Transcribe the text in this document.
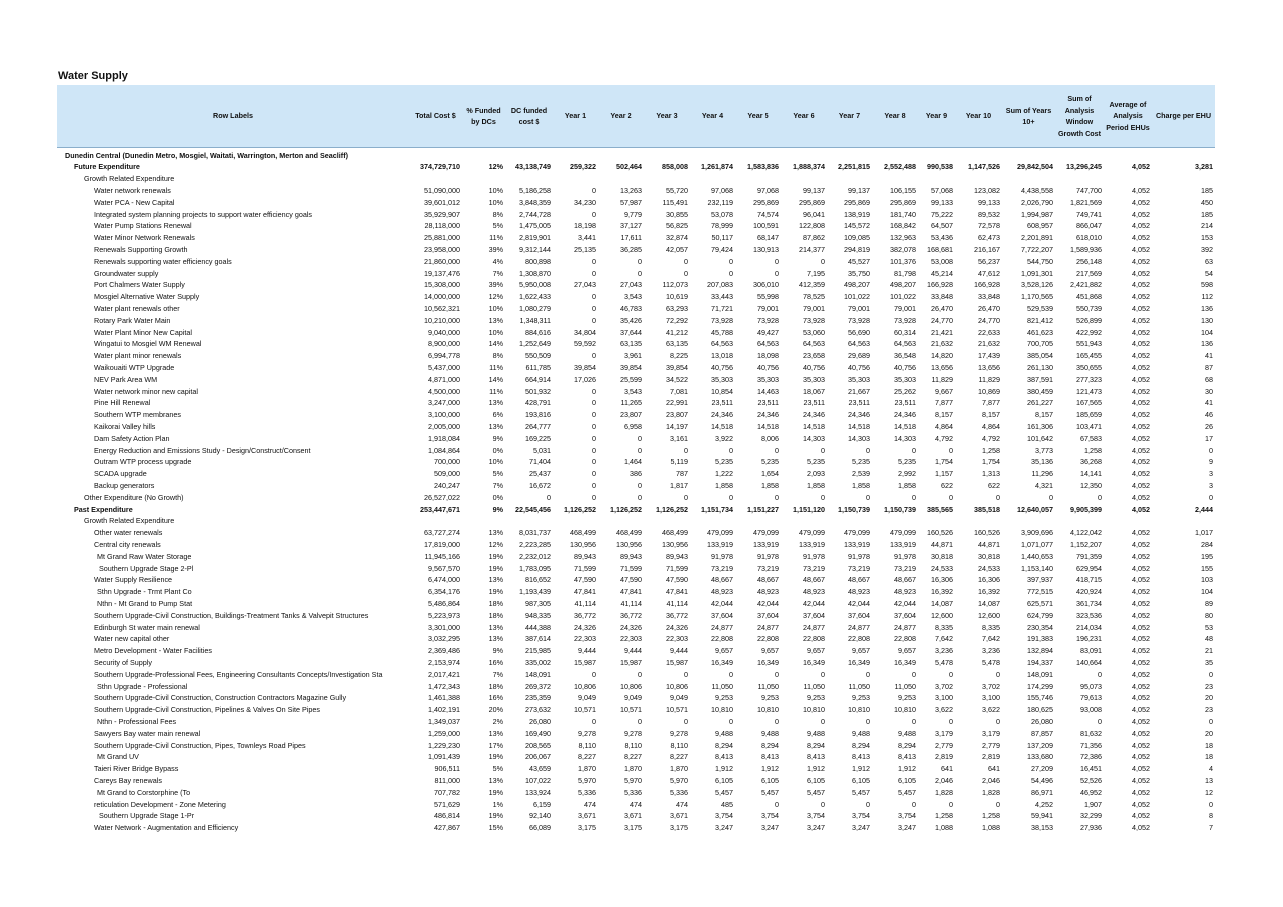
Water Supply
Row Labels	Total Cost $	% Funded by DCs	DC funded cost $	Year 1	Year 2	Year 3	Year 4	Year 5	Year 6	Year 7	Year 8	Year 9	Year 10	Sum of Years 10+	Sum of Analysis Window Growth Cost	Average of Analysis Period EHUs	Charge per EHU
Dunedin Central (Dunedin Metro, Mosgiel, Waitati, Warrington, Merton and Seacliff)																	
Future Expenditure	374,729,710	12%	43,138,749	259,322	502,464	858,008	1,261,874	1,583,836	1,888,374	2,251,815	2,552,488	990,538	1,147,526	29,842,504	13,296,245	4,052	3,281
Growth Related Expenditure																	
Water network renewals	51,090,000	10%	5,186,258	0	13,263	55,720	97,068	97,068	99,137	99,137	106,155	57,068	123,082	4,438,558	747,700	4,052	185
Water PCA - New Capital	39,601,012	10%	3,848,359	34,230	57,987	115,491	232,119	295,869	295,869	295,869	295,869	99,133	99,133	2,026,790	1,821,569	4,052	450
Integrated system planning projects to support water efficiency goals	35,929,907	8%	2,744,728	0	9,779	30,855	53,078	74,574	96,041	138,919	181,740	75,222	89,532	1,994,987	749,741	4,052	185
Water Pump Stations Renewal	28,118,000	5%	1,475,005	18,198	37,127	56,825	78,999	100,591	122,808	145,572	168,842	64,507	72,578	608,957	866,047	4,052	214
Water Minor Network Renewals	25,881,000	11%	2,819,901	3,441	17,611	32,874	50,117	68,147	87,862	109,085	132,963	53,436	62,473	2,201,891	618,010	4,052	153
Renewals Supporting Growth	23,958,000	39%	9,312,144	25,135	36,285	42,057	79,424	130,913	214,377	294,819	382,078	168,681	216,167	7,722,207	1,589,936	4,052	392
Renewals supporting water efficiency goals	21,860,000	4%	800,898	0	0	0	0	0	0	45,527	101,376	53,008	56,237	544,750	256,148	4,052	63
Groundwater supply	19,137,476	7%	1,308,870	0	0	0	0	0	7,195	35,750	81,798	45,214	47,612	1,091,301	217,569	4,052	54
Port Chalmers Water Supply	15,308,000	39%	5,950,008	27,043	27,043	112,073	207,083	306,010	412,359	498,207	498,207	166,928	166,928	3,528,126	2,421,882	4,052	598
Mosgiel Alternative Water Supply	14,000,000	12%	1,622,433	0	3,543	10,619	33,443	55,998	78,525	101,022	101,022	33,848	33,848	1,170,565	451,868	4,052	112
Water plant renewals other	10,562,321	10%	1,080,279	0	46,783	63,293	71,721	79,001	79,001	79,001	79,001	26,470	26,470	529,539	550,739	4,052	136
Rotary Park Water Main	10,210,000	13%	1,348,311	0	35,426	72,292	73,928	73,928	73,928	73,928	73,928	24,770	24,770	821,412	526,899	4,052	130
Water Plant Minor New Capital	9,040,000	10%	884,616	34,804	37,644	41,212	45,788	49,427	53,060	56,690	60,314	21,421	22,633	461,623	422,992	4,052	104
Wingatui to Mosgiel WM Renewal	8,900,000	14%	1,252,649	59,592	63,135	63,135	64,563	64,563	64,563	64,563	64,563	21,632	21,632	700,705	551,943	4,052	136
Water plant minor renewals	6,994,778	8%	550,509	0	3,961	8,225	13,018	18,098	23,658	29,689	36,548	14,820	17,439	385,054	165,455	4,052	41
Waikouaiti WTP Upgrade	5,437,000	11%	611,785	39,854	39,854	39,854	40,756	40,756	40,756	40,756	40,756	13,656	13,656	261,130	350,655	4,052	87
NEV Park Area WM	4,871,000	14%	664,914	17,026	25,599	34,522	35,303	35,303	35,303	35,303	35,303	11,829	11,829	387,591	277,323	4,052	68
Water network minor new capital	4,500,000	11%	501,932	0	3,543	7,081	10,854	14,463	18,067	21,667	25,262	9,667	10,869	380,459	121,473	4,052	30
Pine Hill Renewal	3,247,000	13%	428,791	0	11,265	22,991	23,511	23,511	23,511	23,511	23,511	7,877	7,877	261,227	167,565	4,052	41
Southern WTP membranes	3,100,000	6%	193,816	0	23,807	23,807	24,346	24,346	24,346	24,346	24,346	8,157	8,157	8,157	185,659	4,052	46
Kaikorai Valley hills	2,005,000	13%	264,777	0	6,958	14,197	14,518	14,518	14,518	14,518	14,518	4,864	4,864	161,306	103,471	4,052	26
Dam Safety Action Plan	1,918,084	9%	169,225	0	0	3,161	3,922	8,006	14,303	14,303	14,303	4,792	4,792	101,642	67,583	4,052	17
Energy Reduction and Emissions Study - Design/Construct/Consent	1,084,864	0%	5,031	0	0	0	0	0	0	0	0	0	1,258	3,773	1,258	4,052	0
Outram WTP process upgrade	700,000	10%	71,404	0	1,464	5,119	5,235	5,235	5,235	5,235	5,235	1,754	1,754	35,136	36,268	4,052	9
SCADA upgrade	509,000	5%	25,437	0	386	787	1,222	1,654	2,093	2,539	2,992	1,157	1,313	11,296	14,141	4,052	3
Backup generators	240,247	7%	16,672	0	0	1,817	1,858	1,858	1,858	1,858	1,858	622	622	4,321	12,350	4,052	3
Other Expenditure (No Growth)	26,527,022	0%	0	0	0	0	0	0	0	0	0	0	0	0	0	4,052	0
Past Expenditure	253,447,671	9%	22,545,456	1,126,252	1,126,252	1,126,252	1,151,734	1,151,227	1,151,120	1,150,739	1,150,739	385,565	385,518	12,640,057	9,905,399	4,052	2,444
Growth Related Expenditure																	
Other water renewals	63,727,274	13%	8,031,737	468,499	468,499	468,499	479,099	479,099	479,099	479,099	479,099	160,526	160,526	3,909,696	4,122,042	4,052	1,017
Central city renewals	17,819,000	12%	2,223,285	130,956	130,956	130,956	133,919	133,919	133,919	133,919	133,919	44,871	44,871	1,071,077	1,152,207	4,052	284
Mt Grand Raw Water Storage	11,945,166	19%	2,232,012	89,943	89,943	89,943	91,978	91,978	91,978	91,978	91,978	30,818	30,818	1,440,653	791,359	4,052	195
Southern Upgrade Stage 2-Pl	9,567,570	19%	1,783,095	71,599	71,599	71,599	73,219	73,219	73,219	73,219	73,219	24,533	24,533	1,153,140	629,954	4,052	155
Water Supply Resilience	6,474,000	13%	816,652	47,590	47,590	47,590	48,667	48,667	48,667	48,667	48,667	16,306	16,306	397,937	418,715	4,052	103
Sthn Upgrade - Trmt Plant Co	6,354,176	19%	1,193,439	47,841	47,841	47,841	48,923	48,923	48,923	48,923	48,923	16,392	16,392	772,515	420,924	4,052	104
Nthn - Mt Grand to Pump Stat	5,486,864	18%	987,305	41,114	41,114	41,114	42,044	42,044	42,044	42,044	42,044	14,087	14,087	625,571	361,734	4,052	89
Southern Upgrade-Civil Construction, Buildings-Treatment Tanks & Valvepit Structures	5,223,973	18%	948,335	36,772	36,772	36,772	37,604	37,604	37,604	37,604	37,604	12,600	12,600	624,799	323,536	4,052	80
Edinburgh St water main renewal	3,301,000	13%	444,388	24,326	24,326	24,326	24,877	24,877	24,877	24,877	24,877	8,335	8,335	230,354	214,034	4,052	53
Water new capital other	3,032,295	13%	387,614	22,303	22,303	22,303	22,808	22,808	22,808	22,808	22,808	7,642	7,642	191,383	196,231	4,052	48
Metro Development - Water Facilities	2,369,486	9%	215,985	9,444	9,444	9,444	9,657	9,657	9,657	9,657	9,657	3,236	3,236	132,894	83,091	4,052	21
Security of Supply	2,153,974	16%	335,002	15,987	15,987	15,987	16,349	16,349	16,349	16,349	16,349	5,478	5,478	194,337	140,664	4,052	35
Southern Upgrade-Professional Fees, Engineering Consultants Concepts/Investigation Sta	2,017,421	7%	148,091	0	0	0	0	0	0	0	0	0	0	148,091	0	4,052	0
Sthn Upgrade - Professional	1,472,343	18%	269,372	10,806	10,806	10,806	11,050	11,050	11,050	11,050	11,050	3,702	3,702	174,299	95,073	4,052	23
Southern Upgrade-Civil Construction, Construction Contractors Magazine Gully	1,461,388	16%	235,359	9,049	9,049	9,049	9,253	9,253	9,253	9,253	9,253	3,100	3,100	155,746	79,613	4,052	20
Southern Upgrade-Civil Construction, Pipelines & Valves On Site Pipes	1,402,191	20%	273,632	10,571	10,571	10,571	10,810	10,810	10,810	10,810	10,810	3,622	3,622	180,625	93,008	4,052	23
Nthn - Professional Fees	1,349,037	2%	26,080	0	0	0	0	0	0	0	0	0	0	26,080	0	4,052	0
Sawyers Bay water main renewal	1,259,000	13%	169,490	9,278	9,278	9,278	9,488	9,488	9,488	9,488	9,488	3,179	3,179	87,857	81,632	4,052	20
Southern Upgrade-Civil Construction, Pipes, Townleys Road Pipes	1,229,230	17%	208,565	8,110	8,110	8,110	8,294	8,294	8,294	8,294	8,294	2,779	2,779	137,209	71,356	4,052	18
Mt Grand UV	1,091,439	19%	206,067	8,227	8,227	8,227	8,413	8,413	8,413	8,413	8,413	2,819	2,819	133,680	72,386	4,052	18
Taieri River Bridge Bypass	906,511	5%	43,659	1,870	1,870	1,870	1,912	1,912	1,912	1,912	1,912	641	641	27,209	16,451	4,052	4
Careys Bay renewals	811,000	13%	107,022	5,970	5,970	5,970	6,105	6,105	6,105	6,105	6,105	2,046	2,046	54,496	52,526	4,052	13
Mt Grand to Corstorphine (To	707,782	19%	133,924	5,336	5,336	5,336	5,457	5,457	5,457	5,457	5,457	1,828	1,828	86,971	46,952	4,052	12
reticulation Development - Zone Metering	571,629	1%	6,159	474	474	474	485	0	0	0	0	0	0	4,252	1,907	4,052	0
Southern Upgrade Stage 1-Pr	486,814	19%	92,140	3,671	3,671	3,671	3,754	3,754	3,754	3,754	3,754	1,258	1,258	59,941	32,299	4,052	8
Water Network - Augmentation and Efficiency	427,867	15%	66,089	3,175	3,175	3,175	3,247	3,247	3,247	3,247	3,247	1,088	1,088	38,153	27,936	4,052	7
